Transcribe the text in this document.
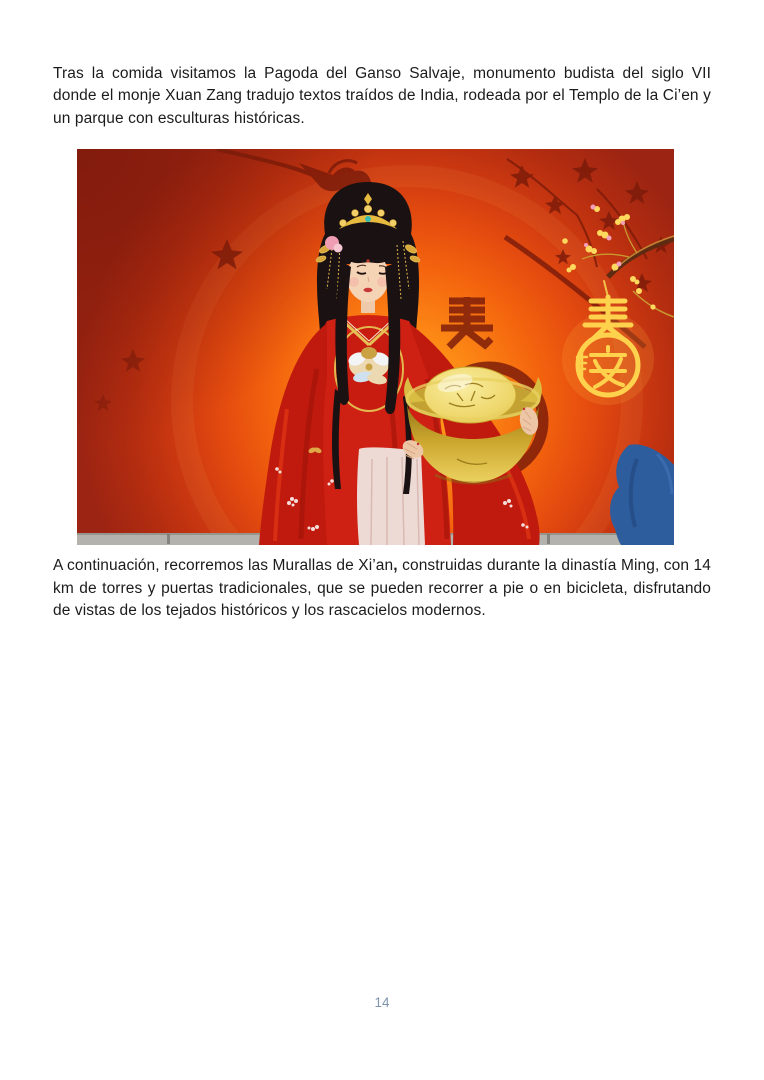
Tras la comida visitamos la Pagoda del Ganso Salvaje, monumento budista del siglo VII donde el monje Xuan Zang tradujo textos traídos de India, rodeada por el Templo de la Ci’en y un parque con esculturas históricas.

A continuación, recorremos las Murallas de Xi’an, construidas durante la dinastía Ming, con 14 km de torres y puertas tradicionales, que se pueden recorrer a pie o en bicicleta, disfrutando de vistas de los tejados históricos y los rascacielos modernos.

14
